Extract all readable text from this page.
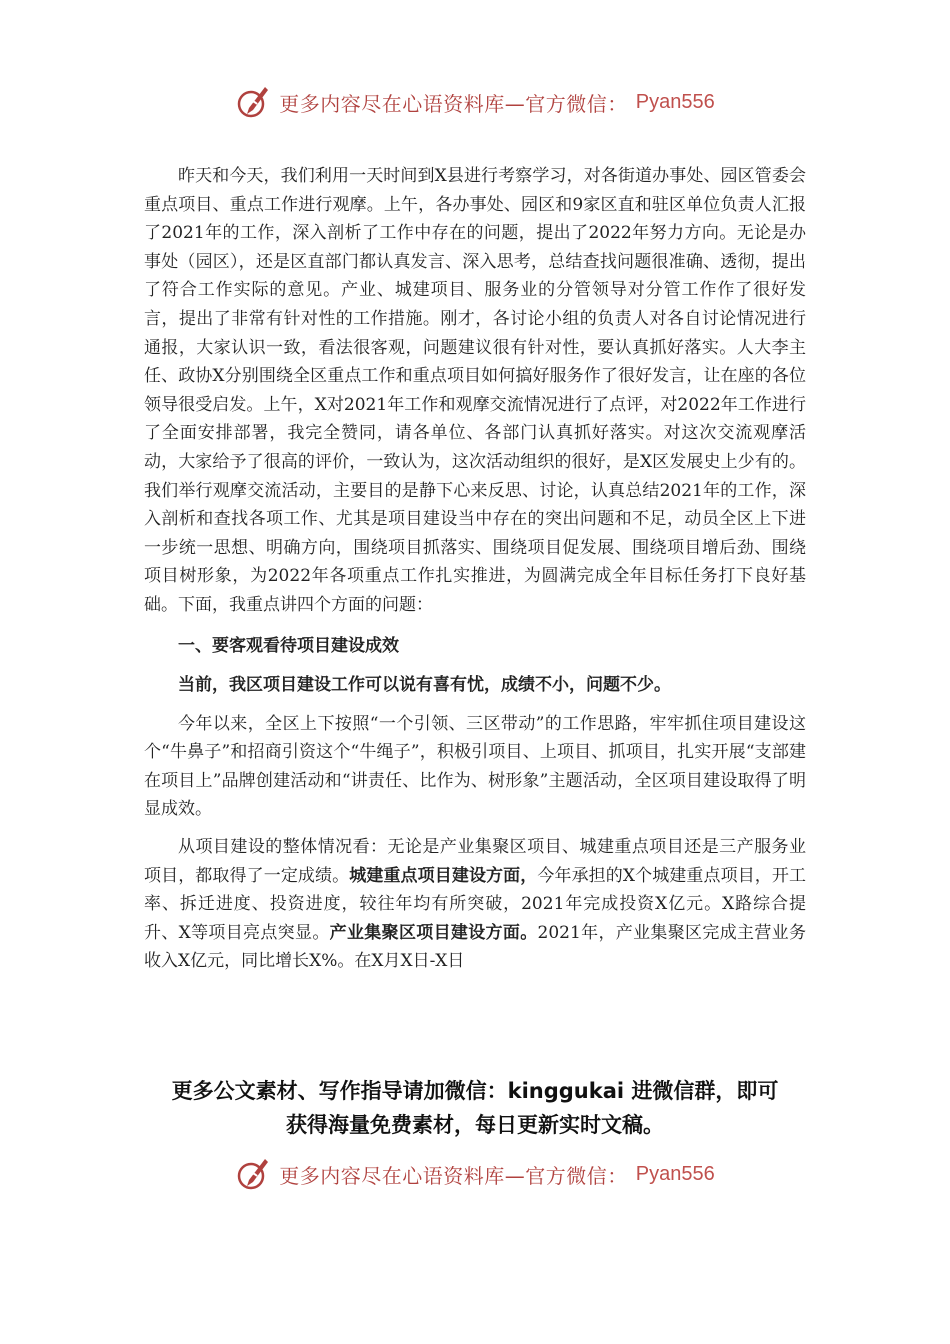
更多内容尽在心语资料库—官方微信： Pyan556

昨天和今天，我们利用一天时间到X县进行考察学习，对各街道办事处、园区管委会重点项目、重点工作进行观摩。上午，各办事处、园区和9家区直和驻区单位负责人汇报了2021年的工作，深入剖析了工作中存在的问题，提出了2022年努力方向。无论是办事处（园区），还是区直部门都认真发言、深入思考，总结查找问题很准确、透彻，提出了符合工作实际的意见。产业、城建项目、服务业的分管领导对分管工作作了很好发言，提出了非常有针对性的工作措施。刚才，各讨论小组的负责人对各自讨论情况进行通报，大家认识一致，看法很客观，问题建议很有针对性，要认真抓好落实。人大李主任、政协X分别围绕全区重点工作和重点项目如何搞好服务作了很好发言，让在座的各位领导很受启发。上午，X对2021年工作和观摩交流情况进行了点评，对2022年工作进行了全面安排部署，我完全赞同，请各单位、各部门认真抓好落实。对这次交流观摩活动，大家给予了很高的评价，一致认为，这次活动组织的很好，是X区发展史上少有的。我们举行观摩交流活动，主要目的是静下心来反思、讨论，认真总结2021年的工作，深入剖析和查找各项工作、尤其是项目建设当中存在的突出问题和不足，动员全区上下进一步统一思想、明确方向，围绕项目抓落实、围绕项目促发展、围绕项目增后劲、围绕项目树形象，为2022年各项重点工作扎实推进，为圆满完成全年目标任务打下良好基础。下面，我重点讲四个方面的问题：

一、要客观看待项目建设成效

当前，我区项目建设工作可以说有喜有忧，成绩不小，问题不少。

今年以来，全区上下按照“一个引领、三区带动”的工作思路，牢牢抓住项目建设这个“牛鼻子”和招商引资这个“牛绳子”，积极引项目、上项目、抓项目，扎实开展“支部建在项目上”品牌创建活动和“讲责任、比作为、树形象”主题活动，全区项目建设取得了明显成效。

从项目建设的整体情况看：无论是产业集聚区项目、城建重点项目还是三产服务业项目，都取得了一定成绩。城建重点项目建设方面，今年承担的X个城建重点项目，开工率、拆迁进度、投资进度，较往年均有所突破，2021年完成投资X亿元。X路综合提升、X等项目亮点突显。产业集聚区项目建设方面。2021年，产业集聚区完成主营业务收入X亿元，同比增长X%。在X月X日-X日

更多公文素材、写作指导请加微信：kinggukai 进微信群，即可
获得海量免费素材，每日更新实时文稿。
更多内容尽在心语资料库—官方微信： Pyan556
